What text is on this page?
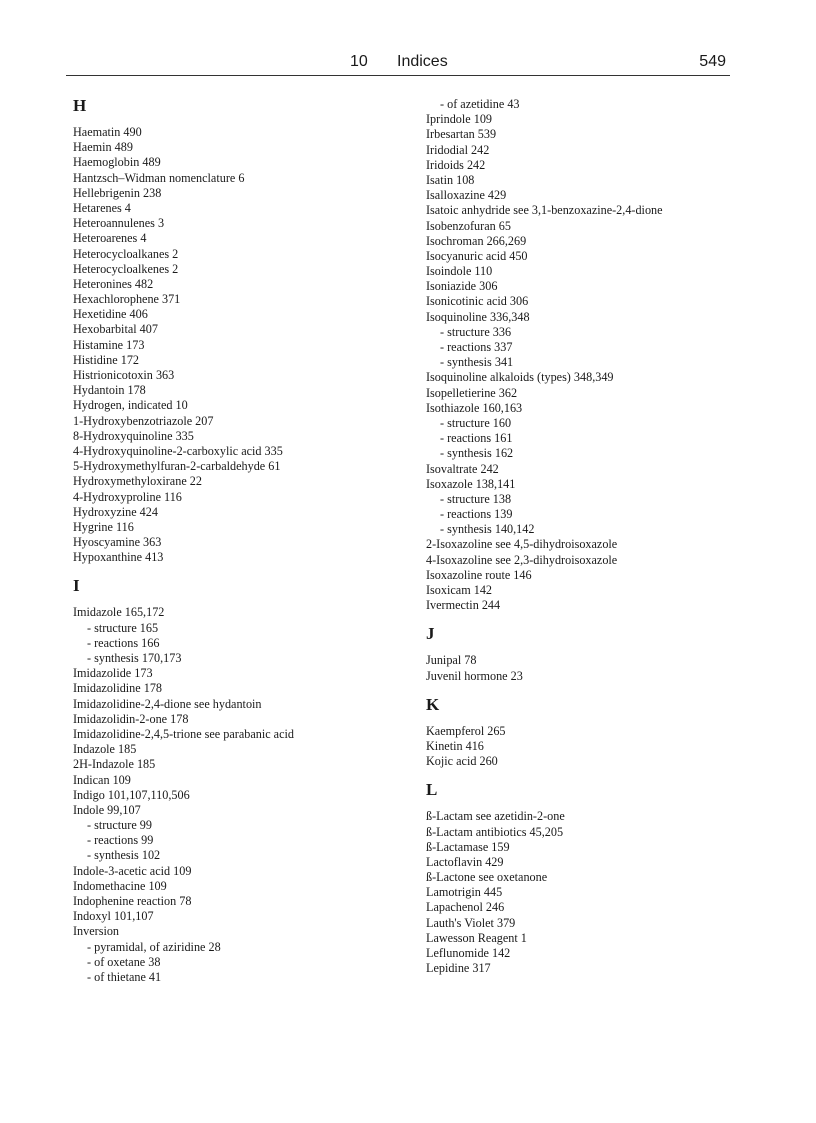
10 Indices	549
H
Haematin 490
Haemin 489
Haemoglobin 489
Hantzsch–Widman nomenclature 6
Hellebrigenin 238
Hetarenes 4
Heteroannulenes 3
Heteroarenes 4
Heterocycloalkanes 2
Heterocycloalkenes 2
Heteronines 482
Hexachlorophene 371
Hexetidine 406
Hexobarbital 407
Histamine 173
Histidine 172
Histrionicotoxin 363
Hydantoin 178
Hydrogen, indicated 10
1-Hydroxybenzotriazole 207
8-Hydroxyquinoline 335
4-Hydroxyquinoline-2-carboxylic acid 335
5-Hydroxymethylfuran-2-carbaldehyde 61
Hydroxymethyloxirane 22
4-Hydroxyproline 116
Hydroxyzine 424
Hygrine 116
Hyoscyamine 363
Hypoxanthine 413
I
Imidazole 165,172
- structure 165
- reactions 166
- synthesis 170,173
Imidazolide 173
Imidazolidine 178
Imidazolidine-2,4-dione see hydantoin
Imidazolidin-2-one 178
Imidazolidine-2,4,5-trione see parabanic acid
Indazole 185
2H-Indazole 185
Indican 109
Indigo 101,107,110,506
Indole 99,107
- structure 99
- reactions 99
- synthesis 102
Indole-3-acetic acid 109
Indomethacine 109
Indophenine reaction 78
Indoxyl 101,107
Inversion
- pyramidal, of aziridine 28
- of oxetane 38
- of thietane 41
- of azetidine 43
Iprindole 109
Irbesartan 539
Iridodial 242
Iridoids 242
Isatin 108
Isalloxazine 429
Isatoic anhydride see 3,1-benzoxazine-2,4-dione
Isobenzofuran 65
Isochroman 266,269
Isocyanuric acid 450
Isoindole 110
Isoniazide 306
Isonicotinic acid 306
Isoquinoline 336,348
- structure 336
- reactions 337
- synthesis 341
Isoquinoline alkaloids (types) 348,349
Isopelletierine 362
Isothiazole 160,163
- structure 160
- reactions 161
- synthesis 162
Isovaltrate 242
Isoxazole 138,141
- structure 138
- reactions 139
- synthesis 140,142
2-Isoxazoline see 4,5-dihydroisoxazole
4-Isoxazoline see 2,3-dihydroisoxazole
Isoxazoline route 146
Isoxicam 142
Ivermectin 244
J
Junipal 78
Juvenil hormone 23
K
Kaempferol 265
Kinetin 416
Kojic acid 260
L
ß-Lactam see azetidin-2-one
ß-Lactam antibiotics 45,205
ß-Lactamase 159
Lactoflavin 429
ß-Lactone see oxetanone
Lamotrigin 445
Lapachenol 246
Lauth's Violet 379
Lawesson Reagent 1
Leflunomide 142
Lepidine 317
